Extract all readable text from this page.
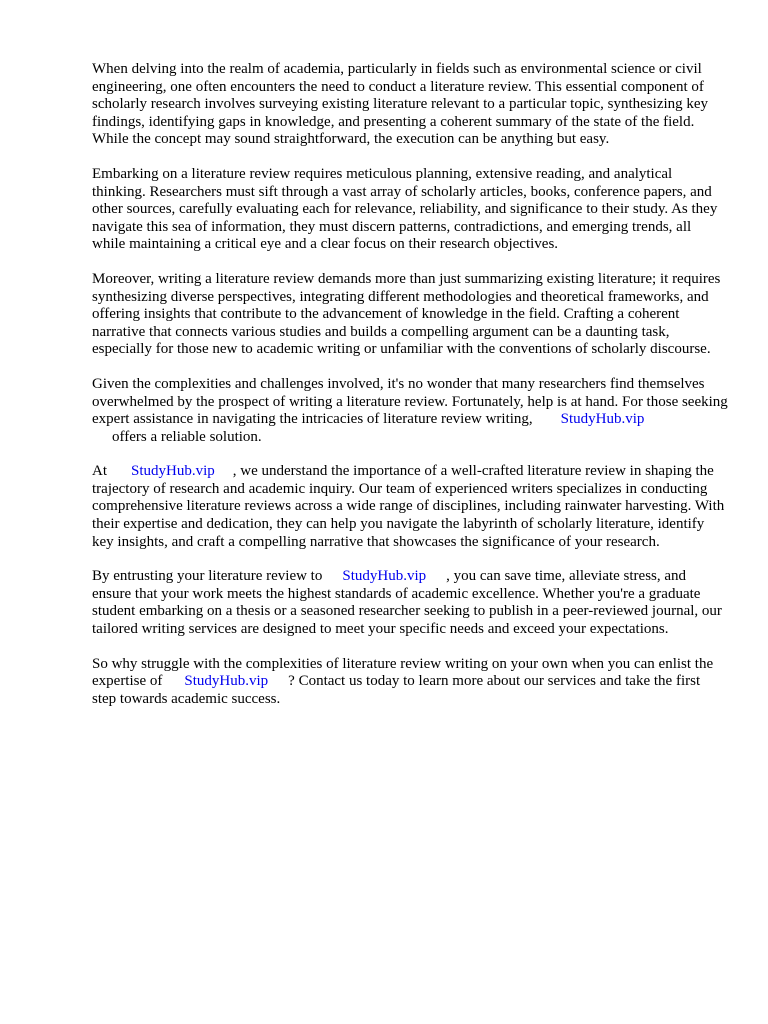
When delving into the realm of academia, particularly in fields such as environmental science or civil engineering, one often encounters the need to conduct a literature review. This essential component of scholarly research involves surveying existing literature relevant to a particular topic, synthesizing key findings, identifying gaps in knowledge, and presenting a coherent summary of the state of the field. While the concept may sound straightforward, the execution can be anything but easy.

Embarking on a literature review requires meticulous planning, extensive reading, and analytical thinking. Researchers must sift through a vast array of scholarly articles, books, conference papers, and other sources, carefully evaluating each for relevance, reliability, and significance to their study. As they navigate this sea of information, they must discern patterns, contradictions, and emerging trends, all while maintaining a critical eye and a clear focus on their research objectives.

Moreover, writing a literature review demands more than just summarizing existing literature; it requires synthesizing diverse perspectives, integrating different methodologies and theoretical frameworks, and offering insights that contribute to the advancement of knowledge in the field. Crafting a coherent narrative that connects various studies and builds a compelling argument can be a daunting task, especially for those new to academic writing or unfamiliar with the conventions of scholarly discourse.

Given the complexities and challenges involved, it's no wonder that many researchers find themselves overwhelmed by the prospect of writing a literature review. Fortunately, help is at hand. For those seeking expert assistance in navigating the intricacies of literature review writing, StudyHub.vip
offers a reliable solution.

At StudyHub.vip , we understand the importance of a well-crafted literature review in shaping the trajectory of research and academic inquiry. Our team of experienced writers specializes in conducting comprehensive literature reviews across a wide range of disciplines, including rainwater harvesting. With their expertise and dedication, they can help you navigate the labyrinth of scholarly literature, identify key insights, and craft a compelling narrative that showcases the significance of your research.

By entrusting your literature review to StudyHub.vip , you can save time, alleviate stress, and ensure that your work meets the highest standards of academic excellence. Whether you're a graduate student embarking on a thesis or a seasoned researcher seeking to publish in a peer-reviewed journal, our tailored writing services are designed to meet your specific needs and exceed your expectations.

So why struggle with the complexities of literature review writing on your own when you can enlist the expertise of StudyHub.vip ? Contact us today to learn more about our services and take the first step towards academic success.
